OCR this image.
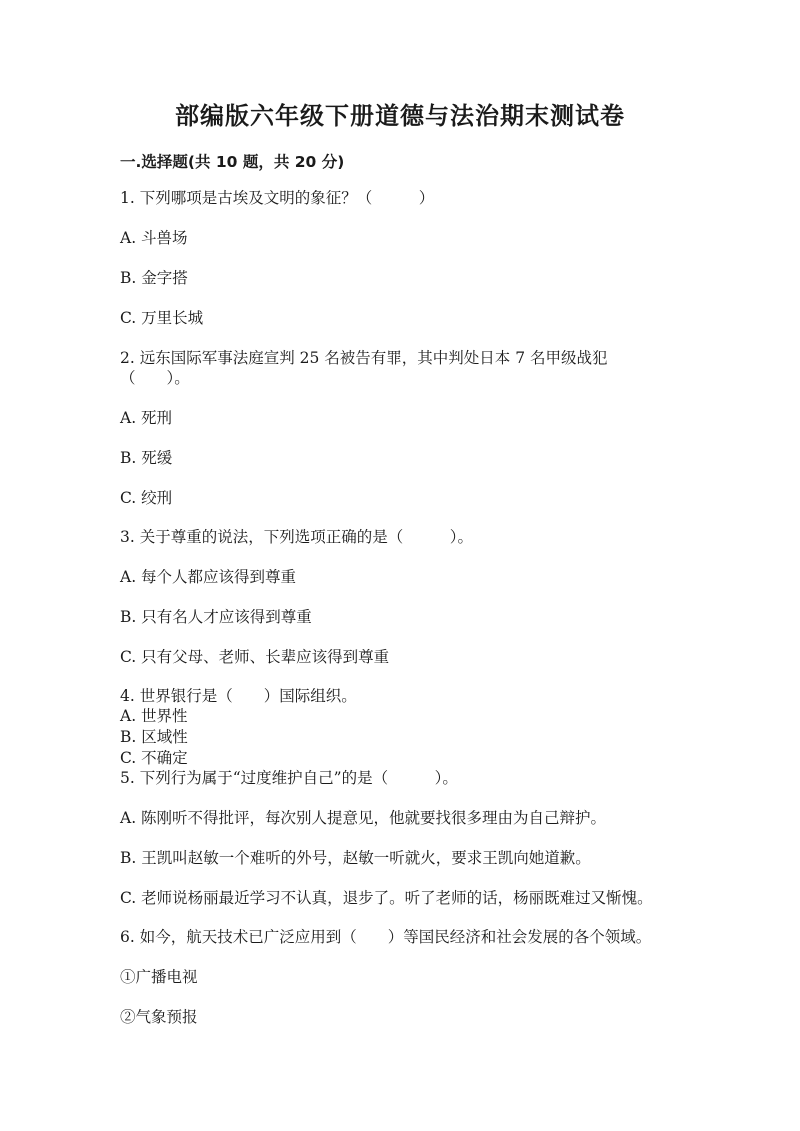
部编版六年级下册道德与法治期末测试卷
一.选择题(共 10 题，共 20 分)
1. 下列哪项是古埃及文明的象征？（　　　）
A. 斗兽场
B. 金字搭
C. 万里长城
2. 远东国际军事法庭宣判 25 名被告有罪，其中判处日本 7 名甲级战犯
（　　）。
A. 死刑
B. 死缓
C. 绞刑
3. 关于尊重的说法，下列选项正确的是（　　　）。
A. 每个人都应该得到尊重
B. 只有名人才应该得到尊重
C. 只有父母、老师、长辈应该得到尊重
4. 世界银行是（　　）国际组织。
A. 世界性
B. 区域性
C. 不确定
5. 下列行为属于“过度维护自己”的是（　　　）。
A. 陈刚听不得批评，每次别人提意见，他就要找很多理由为自己辩护。
B. 王凯叫赵敏一个难听的外号，赵敏一听就火，要求王凯向她道歉。
C. 老师说杨丽最近学习不认真，退步了。听了老师的话，杨丽既难过又惭愧。
6. 如今，航天技术已广泛应用到（　　）等国民经济和社会发展的各个领域。
①广播电视
②气象预报
